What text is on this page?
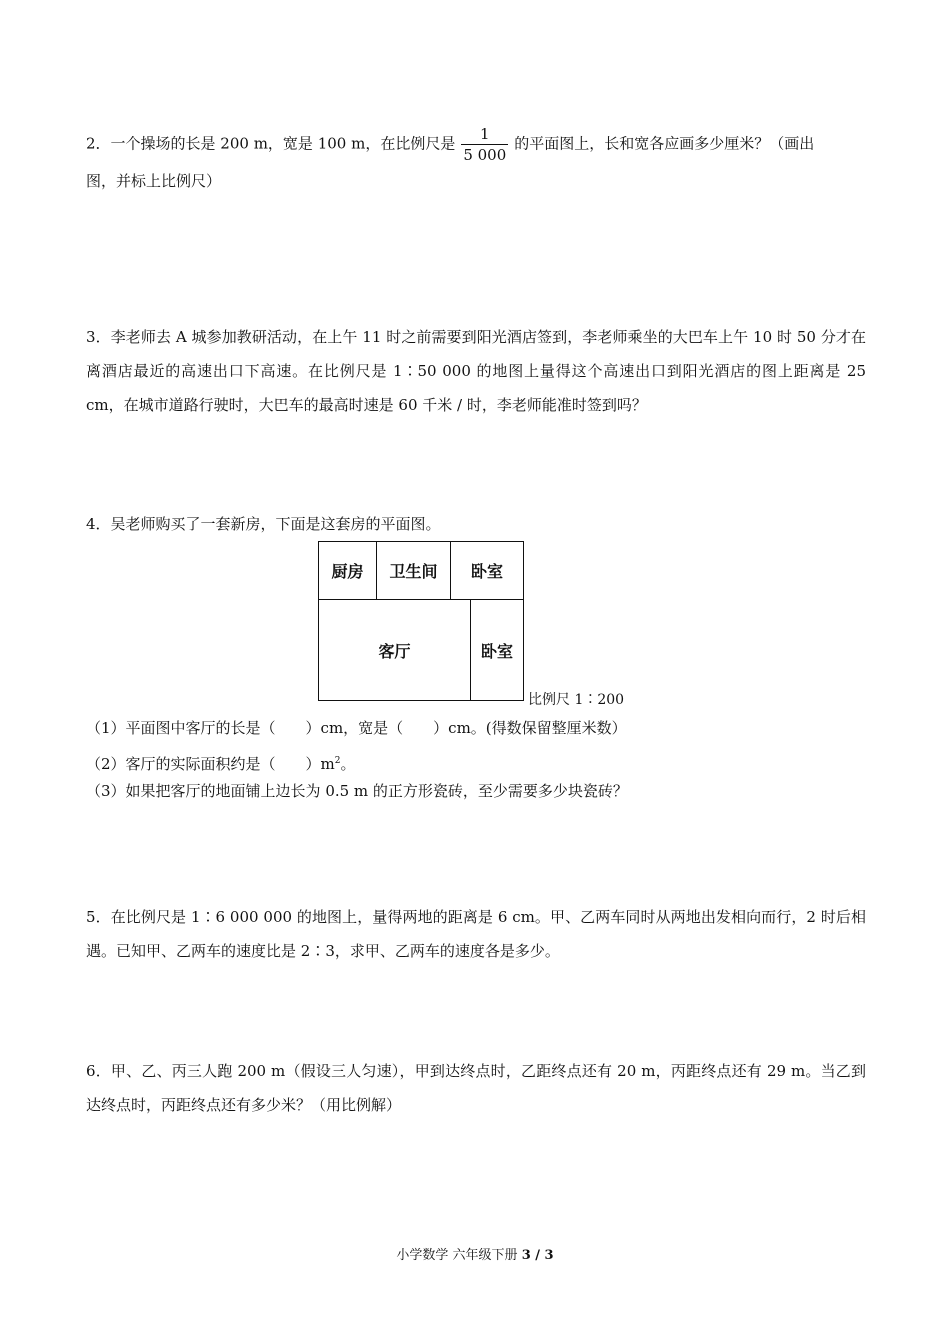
2．一个操场的长是 200 m，宽是 100 m，在比例尺是 $\frac{1}{5 000}$ 的平面图上，长和宽各应画多少厘米？（画出

图，并标上比例尺）

3．李老师去 A 城参加教研活动，在上午 11 时之前需要到阳光酒店签到，李老师乘坐的大巴车上午 10 时 50 分才在离酒店最近的高速出口下高速。在比例尺是 1∶50 000 的地图上量得这个高速出口到阳光酒店的图上距离是 25 cm，在城市道路行驶时，大巴车的最高时速是 60 千米 / 时，李老师能准时签到吗？

4．吴老师购买了一套新房，下面是这套房的平面图。

厨房	卫生间	卧室
客厅	卧室
比例尺 1∶200

（1）平面图中客厅的长是（　　）cm，宽是（　　）cm。(得数保留整厘米数）

（2）客厅的实际面积约是（　　）$m^2$。

（3）如果把客厅的地面铺上边长为 0.5 m 的正方形瓷砖，至少需要多少块瓷砖？

5．在比例尺是 1∶6 000 000 的地图上，量得两地的距离是 6 cm。甲、乙两车同时从两地出发相向而行，2 时后相遇。已知甲、乙两车的速度比是 2∶3，求甲、乙两车的速度各是多少。

6．甲、乙、丙三人跑 200 m（假设三人匀速），甲到达终点时，乙距终点还有 20 m，丙距终点还有 29 m。当乙到达终点时，丙距终点还有多少米？（用比例解）

小学数学 六年级下册 3 / 3
